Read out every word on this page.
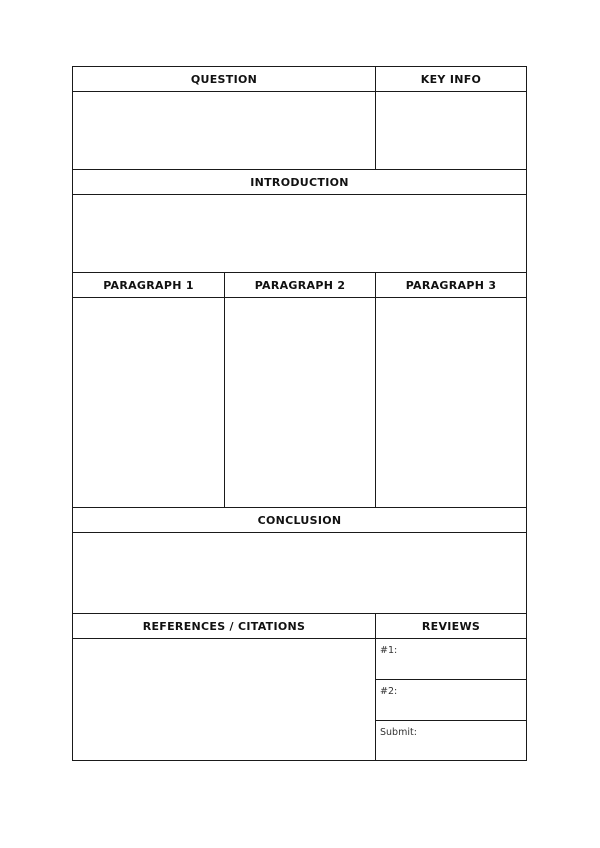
QUESTION	KEY INFO
INTRODUCTION
PARAGRAPH 1	PARAGRAPH 2	PARAGRAPH 3
CONCLUSION
REFERENCES / CITATIONS	REVIEWS
#1:
#2:
Submit:
